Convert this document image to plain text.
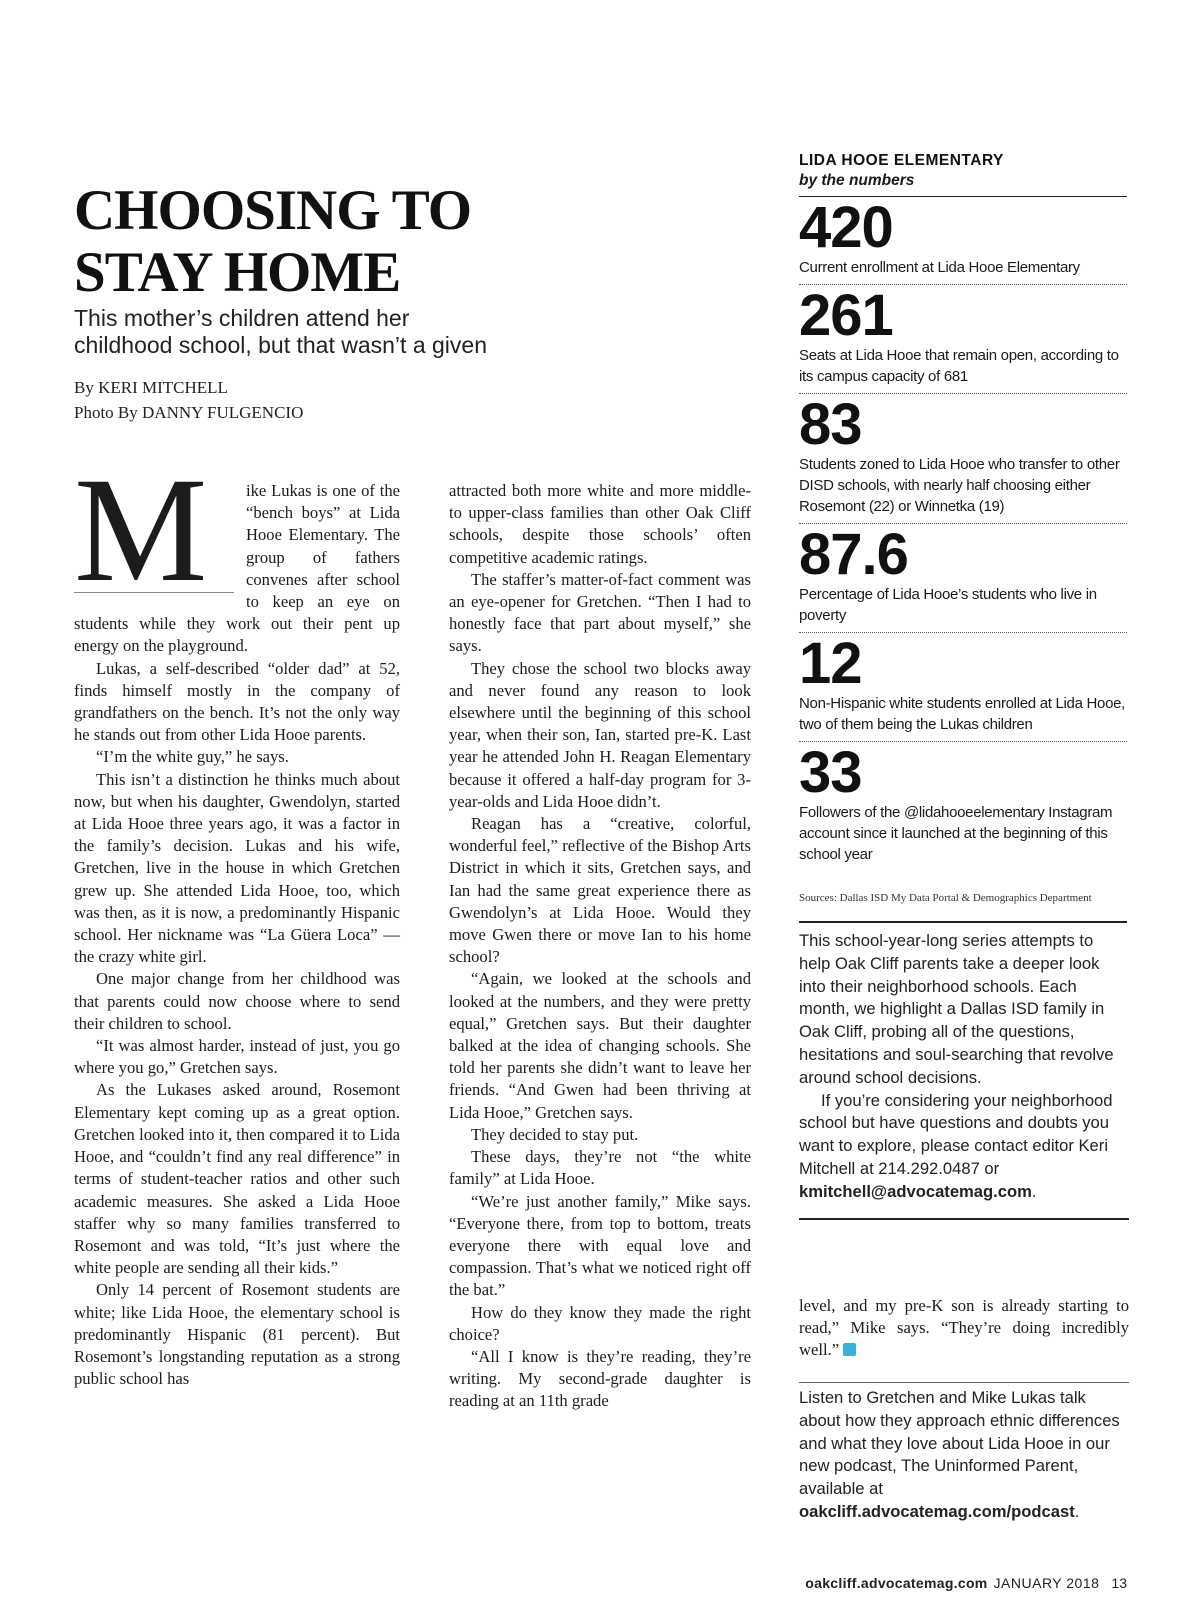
CHOOSING TO
STAY HOME
This mother’s children attend her
childhood school, but that wasn’t a given
By KERI MITCHELL
Photo By DANNY FULGENCIO
M	ike Lukas is one of the “bench boys” at Lida Hooe Elementary. The group of fathers convenes after school to keep an eye on students while they work out their pent up energy on the playground.

Lukas, a self-described “older dad” at 52, finds himself mostly in the company of grandfathers on the bench. It’s not the only way he stands out from other Lida Hooe parents.

“I’m the white guy,” he says.

This isn’t a distinction he thinks much about now, but when his daughter, Gwendolyn, started at Lida Hooe three years ago, it was a factor in the family’s decision. Lukas and his wife, Gretchen, live in the house in which Gretchen grew up. She attended Lida Hooe, too, which was then, as it is now, a predominantly Hispanic school. Her nickname was “La Güera Loca” — the crazy white girl.

One major change from her childhood was that parents could now choose where to send their children to school.

“It was almost harder, instead of just, you go where you go,” Gretchen says.

As the Lukases asked around, Rosemont Elementary kept coming up as a great option. Gretchen looked into it, then compared it to Lida Hooe, and “couldn’t find any real difference” in terms of student-teacher ratios and other such academic measures. She asked a Lida Hooe staffer why so many families transferred to Rosemont and was told, “It’s just where the white people are sending all their kids.”

Only 14 percent of Rosemont students are white; like Lida Hooe, the elementary school is predominantly Hispanic (81 percent). But Rosemont’s longstanding reputation as a strong public school has

attracted both more white and more middle- to upper-class families than other Oak Cliff schools, despite those schools’ often competitive academic ratings.

The staffer’s matter-of-fact comment was an eye-opener for Gretchen. “Then I had to honestly face that part about myself,” she says.

They chose the school two blocks away and never found any reason to look elsewhere until the beginning of this school year, when their son, Ian, started pre-K. Last year he attended John H. Reagan Elementary because it offered a half-day program for 3-year-olds and Lida Hooe didn’t.

Reagan has a “creative, colorful, wonderful feel,” reflective of the Bishop Arts District in which it sits, Gretchen says, and Ian had the same great experience there as Gwendolyn’s at Lida Hooe. Would they move Gwen there or move Ian to his home school?

“Again, we looked at the schools and looked at the numbers, and they were pretty equal,” Gretchen says. But their daughter balked at the idea of changing schools. She told her parents she didn’t want to leave her friends. “And Gwen had been thriving at Lida Hooe,” Gretchen says.

They decided to stay put.

These days, they’re not “the white family” at Lida Hooe.

“We’re just another family,” Mike says. “Everyone there, from top to bottom, treats everyone there with equal love and compassion. That’s what we noticed right off the bat.”

How do they know they made the right choice?

“All I know is they’re reading, they’re writing. My second-grade daughter is reading at an 11th grade

LIDA HOOE ELEMENTARY
by the numbers
420
Current enrollment at Lida Hooe Elementary
261
Seats at Lida Hooe that remain open, according to its campus capacity of 681
83
Students zoned to Lida Hooe who transfer to other DISD schools, with nearly half choosing either Rosemont (22) or Winnetka (19)
87.6
Percentage of Lida Hooe’s students who live in poverty
12
Non-Hispanic white students enrolled at Lida Hooe, two of them being the Lukas children
33
Followers of the @lidahooeelementary Instagram account since it launched at the beginning of this school year
Sources: Dallas ISD My Data Portal & Demographics Department

This school-year-long series attempts to help Oak Cliff parents take a deeper look into their neighborhood schools. Each month, we highlight a Dallas ISD family in Oak Cliff, probing all of the questions, hesitations and soul-searching that revolve around school decisions.

If you’re considering your neighborhood school but have questions and doubts you want to explore, please contact editor Keri Mitchell at 214.292.0487 or kmitchell@advocatemag.com.

level, and my pre-K son is already starting to read,” Mike says. “They’re doing incredibly well.”
Listen to Gretchen and Mike Lukas talk about how they approach ethnic differences and what they love about Lida Hooe in our new podcast, The Uninformed Parent, available at oakcliff.advocatemag.com/podcast.
oakcliff.advocatemag.com JANUARY 2018 13
